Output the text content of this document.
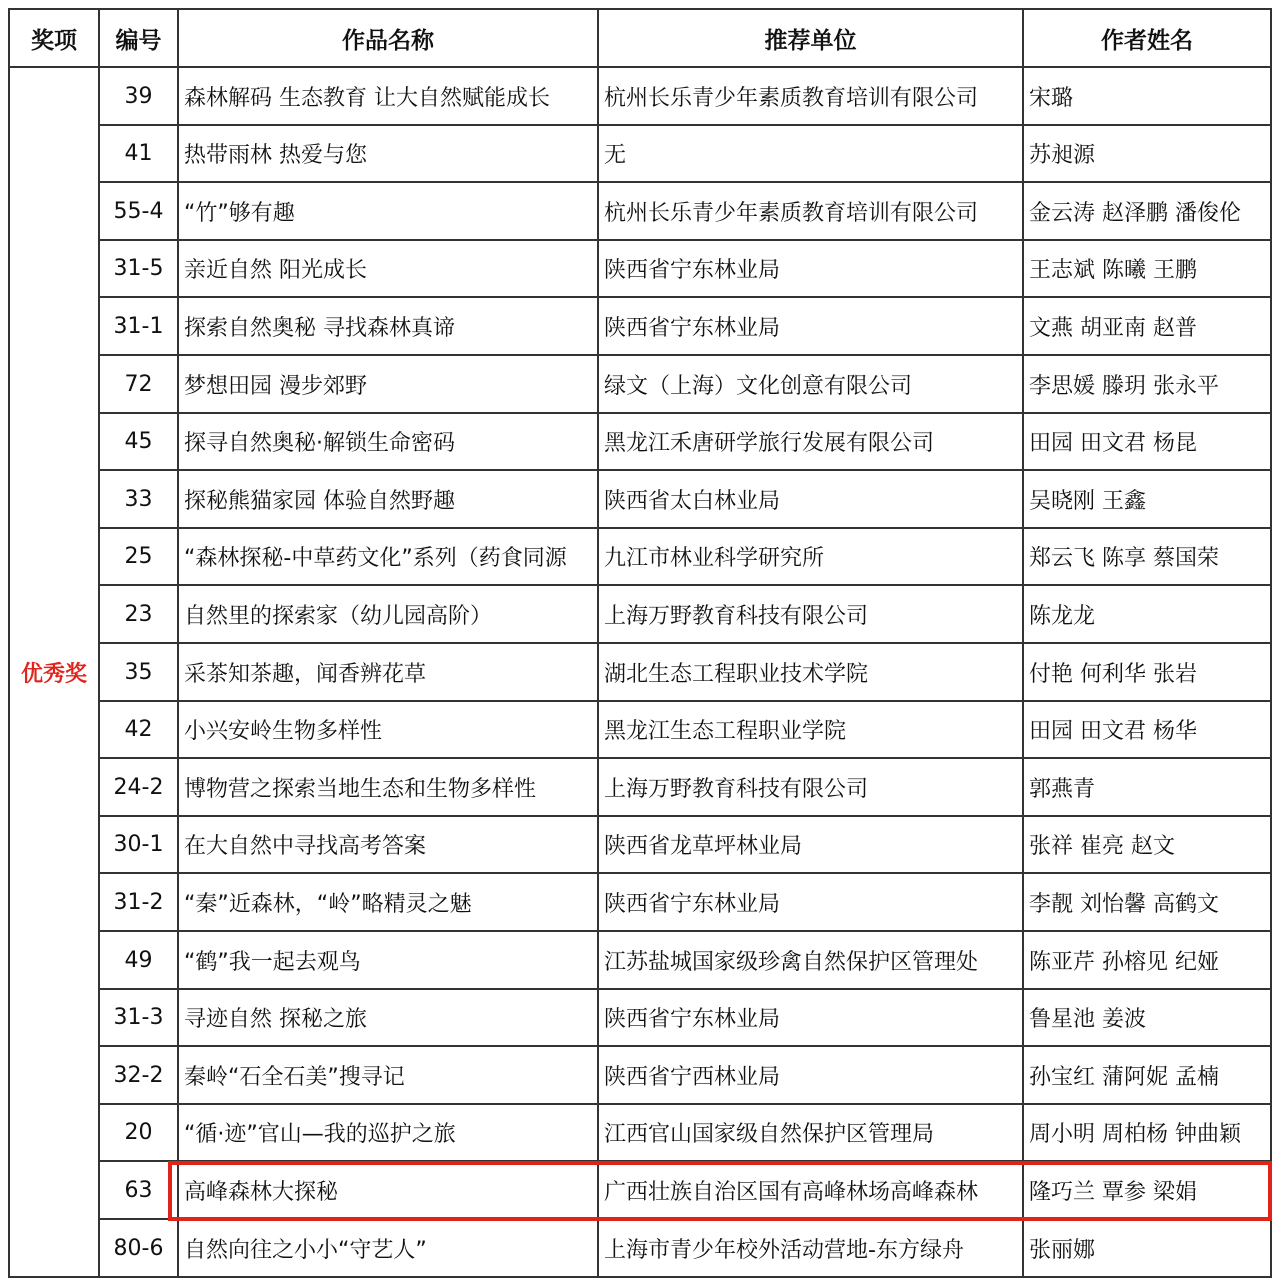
奖项	编号	作品名称	推荐单位	作者姓名
优秀奖
39	森林解码 生态教育 让大自然赋能成长	杭州长乐青少年素质教育培训有限公司	宋璐
41	热带雨林 热爱与您	无	苏昶源
55-4 “竹”够有趣	杭州长乐青少年素质教育培训有限公司	金云涛 赵泽鹏 潘俊伦
31-5 亲近自然 阳光成长	陕西省宁东林业局	王志斌 陈曦 王鹏
31-1 探索自然奥秘 寻找森林真谛	陕西省宁东林业局	文燕 胡亚南 赵普
72	梦想田园 漫步郊野	绿文（上海）文化创意有限公司	李思媛 滕玥 张永平
45	探寻自然奥秘·解锁生命密码	黑龙江禾唐研学旅行发展有限公司	田园 田文君 杨昆
33	探秘熊猫家园 体验自然野趣	陕西省太白林业局	吴晓刚 王鑫
25	“森林探秘-中草药文化”系列（药食同源	九江市林业科学研究所	郑云飞 陈享 蔡国荣
23	自然里的探索家（幼儿园高阶）	上海万野教育科技有限公司	陈龙龙
35	采茶知茶趣，闻香辨花草	湖北生态工程职业技术学院	付艳 何利华 张岩
42	小兴安岭生物多样性	黑龙江生态工程职业学院	田园 田文君 杨华
24-2 博物营之探索当地生态和生物多样性	上海万野教育科技有限公司	郭燕青
30-1 在大自然中寻找高考答案	陕西省龙草坪林业局	张祥 崔亮 赵文
31-2 “秦”近森林，“岭”略精灵之魅	陕西省宁东林业局	李靓 刘怡馨 高鹤文
49	“鹤”我一起去观鸟	江苏盐城国家级珍禽自然保护区管理处	陈亚芹 孙榕见 纪娅
31-3 寻迹自然 探秘之旅	陕西省宁东林业局	鲁星池 姜波
32-2 秦岭“石全石美”搜寻记	陕西省宁西林业局	孙宝红 蒲阿妮 孟楠
20	“循·迹”官山—我的巡护之旅	江西官山国家级自然保护区管理局	周小明 周柏杨 钟曲颖
63	高峰森林大探秘	广西壮族自治区国有高峰林场高峰森林	隆巧兰 覃参 梁娟
80-6 自然向往之小小“守艺人”	上海市青少年校外活动营地-东方绿舟	张丽娜
